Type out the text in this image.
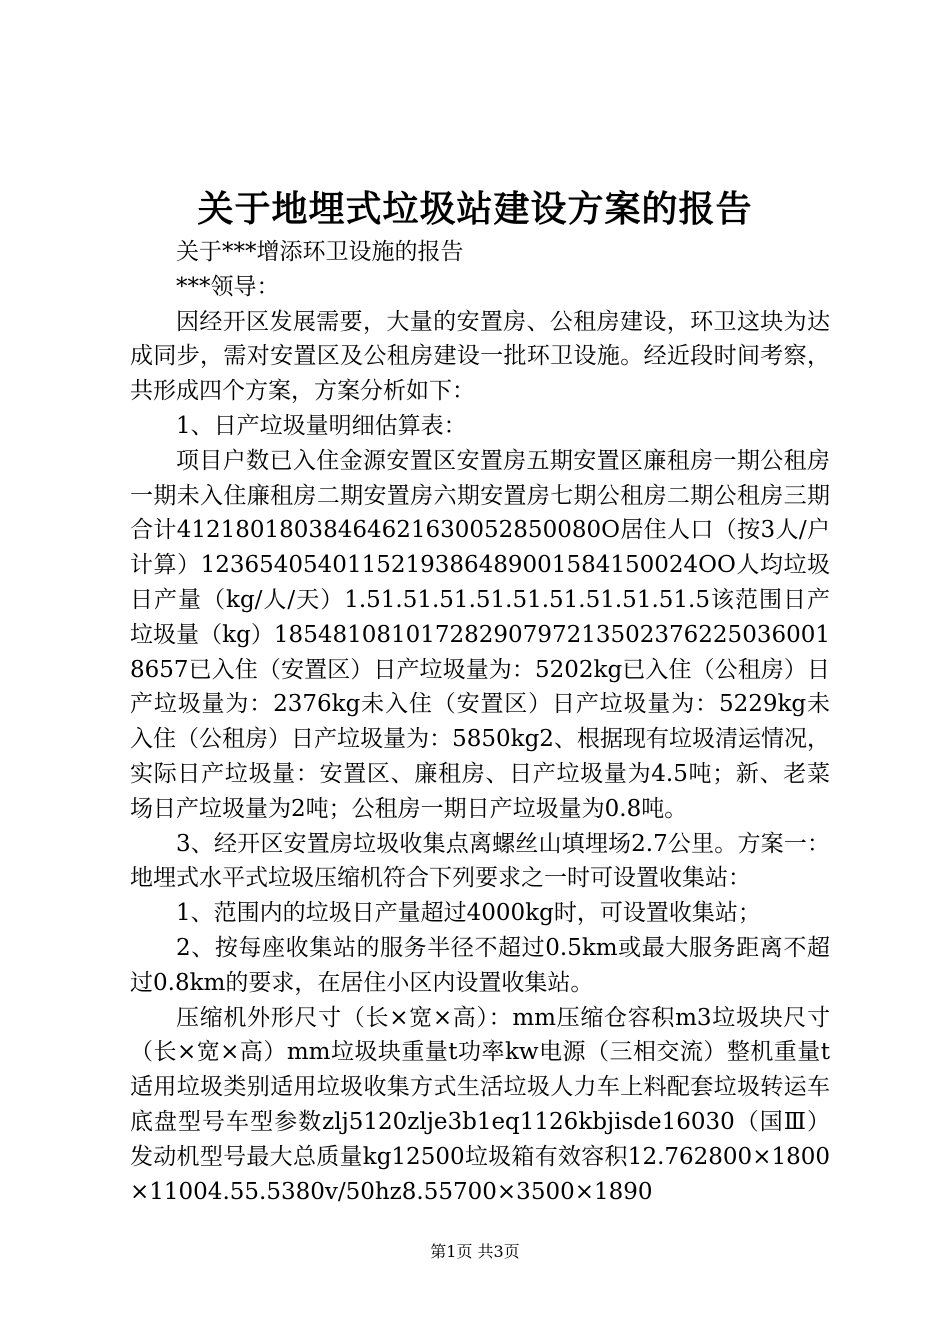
关于地埋式垃圾站建设方案的报告

关于***增添环卫设施的报告

***领导：

因经开区发展需要，大量的安置房、公租房建设，环卫这块为达成同步，需对安置区及公租房建设一批环卫设施。经近段时间考察，共形成四个方案，方案分析如下：

1、日产垃圾量明细估算表：

项目户数已入住金源安置区安置房五期安置区廉租房一期公租房一期未入住廉租房二期安置房六期安置房七期公租房二期公租房三期合计41218018038464621630052850080O居住人口（按3人/户计算）1236540540115219386489001584150024OO人均垃圾日产量（kg/人/天）1.51.51.51.51.51.51.51.51.51.5该范围日产垃圾量（kg）18548108101728290797213502376225036001865​7已入住（安置区）日产垃圾量为：5202kg已入住（公租房）日产垃圾量为：2376kg未入住（安置区）日产垃圾量为：5229kg未入住（公租房）日产垃圾量为：5850kg2、根据现有垃圾清运情况，实际日产垃圾量：安置区、廉租房、日产垃圾量为4.5吨；新、老菜场日产垃圾量为2吨；公租房一期日产垃圾量为0.8吨。

3、经开区安置房垃圾收集点离螺丝山填埋场2.7公里。方案一：地埋式水平式垃圾压缩机符合下列要求之一时可设置收集站：

1、范围内的垃圾日产量超过4000kg时，可设置收集站；

2、按每座收集站的服务半径不超过0.5km或最大服务距离不超过0.8km的要求，在居住小区内设置收集站。

压缩机外形尺寸（长×宽×高）：mm压缩仓容积m3垃圾块尺寸（长×宽×高）mm垃圾块重量t功率kw电源（三相交流）整机重量t适用垃圾类别适用垃圾收集方式生活垃圾人力车上料配套垃圾转运车底盘型号车型参数zlj5120zlje3b1eq1126kbjisde16030（国Ⅲ）发动机型号最大总质量kg12500垃圾箱有效容积12.762800×1800×11004.55.5380v/50hz8.55700×3500×1890

第1页 共3页
